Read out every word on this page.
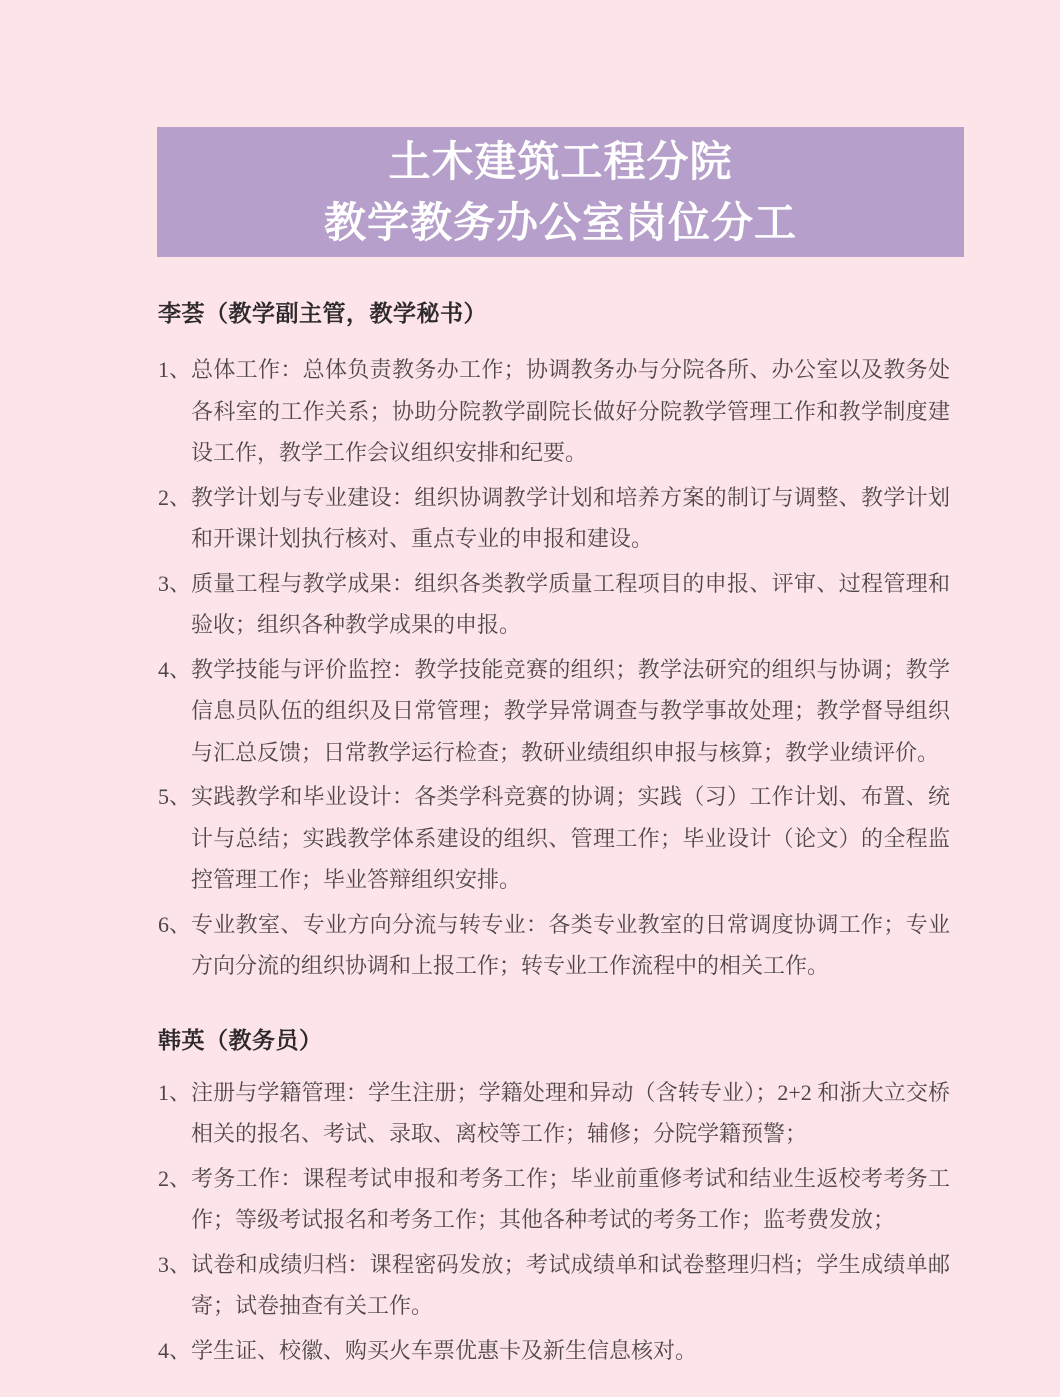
土木建筑工程分院
教学教务办公室岗位分工
李荟（教学副主管，教学秘书）
1、 总体工作：总体负责教务办工作；协调教务办与分院各所、办公室以及教务处各科室的工作关系；协助分院教学副院长做好分院教学管理工作和教学制度建设工作，教学工作会议组织安排和纪要。
2、 教学计划与专业建设：组织协调教学计划和培养方案的制订与调整、教学计划和开课计划执行核对、重点专业的申报和建设。
3、 质量工程与教学成果：组织各类教学质量工程项目的申报、评审、过程管理和验收；组织各种教学成果的申报。
4、 教学技能与评价监控：教学技能竞赛的组织；教学法研究的组织与协调；教学信息员队伍的组织及日常管理；教学异常调查与教学事故处理；教学督导组织与汇总反馈；日常教学运行检查；教研业绩组织申报与核算；教学业绩评价。
5、 实践教学和毕业设计：各类学科竞赛的协调；实践（习）工作计划、布置、统计与总结；实践教学体系建设的组织、管理工作；毕业设计（论文）的全程监控管理工作；毕业答辩组织安排。
6、 专业教室、专业方向分流与转专业：各类专业教室的日常调度协调工作；专业方向分流的组织协调和上报工作；转专业工作流程中的相关工作。
韩英（教务员）
1、 注册与学籍管理：学生注册；学籍处理和异动（含转专业）；2+2 和浙大立交桥相关的报名、考试、录取、离校等工作；辅修；分院学籍预警；
2、 考务工作：课程考试申报和考务工作；毕业前重修考试和结业生返校考考务工作；等级考试报名和考务工作；其他各种考试的考务工作；监考费发放；
3、 试卷和成绩归档：课程密码发放；考试成绩单和试卷整理归档；学生成绩单邮寄；试卷抽查有关工作。
4、 学生证、校徽、购买火车票优惠卡及新生信息核对。
